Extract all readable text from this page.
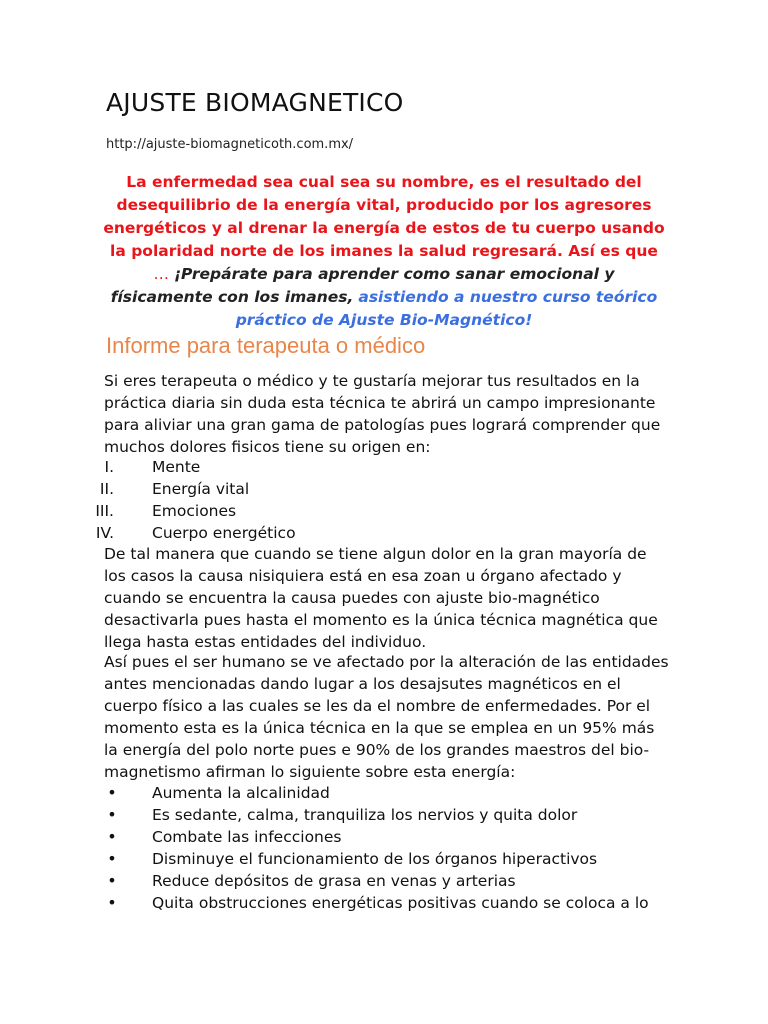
AJUSTE BIOMAGNETICO
http://ajuste-biomagneticoth.com.mx/
La enfermedad sea cual sea su nombre, es el resultado del desequilibrio de la energía vital, producido por los agresores energéticos y al drenar la energía de estos de tu cuerpo usando la polaridad norte de los imanes la salud regresará. Así es que … ¡Prepárate para aprender como sanar emocional y físicamente con los imanes, asistiendo a nuestro curso teórico práctico de Ajuste Bio-Magnético!
Informe para terapeuta o médico

Si eres terapeuta o médico y te gustaría mejorar tus resultados en la práctica diaria sin duda esta técnica te abrirá un campo impresionante para aliviar una gran gama de patologías pues logrará comprender que muchos dolores fisicos tiene su origen en:

I. Mente
II. Energía vital
III. Emociones
IV. Cuerpo energético

De tal manera que cuando se tiene algun dolor en la gran mayoría de los casos la causa nisiquiera está en esa zoan u órgano afectado y cuando se encuentra la causa puedes con ajuste bio-magnético desactivarla pues hasta el momento es la única técnica magnética que llega hasta estas entidades del individuo.

Así pues el ser humano se ve afectado por la alteración de las entidades antes mencionadas dando lugar a los desajsutes magnéticos en el cuerpo físico a las cuales se les da el nombre de enfermedades. Por el momento esta es la única técnica en la que se emplea en un 95% más la energía del polo norte pues e 90% de los grandes maestros del bio-magnetismo afirman lo siguiente sobre esta energía:

•	Aumenta la alcalinidad
•	Es sedante, calma, tranquiliza los nervios y quita dolor
•	Combate las infecciones
•	Disminuye el funcionamiento de los órganos hiperactivos
•	Reduce depósitos de grasa en venas y arterias
•	Quita obstrucciones energéticas positivas cuando se coloca a lo
